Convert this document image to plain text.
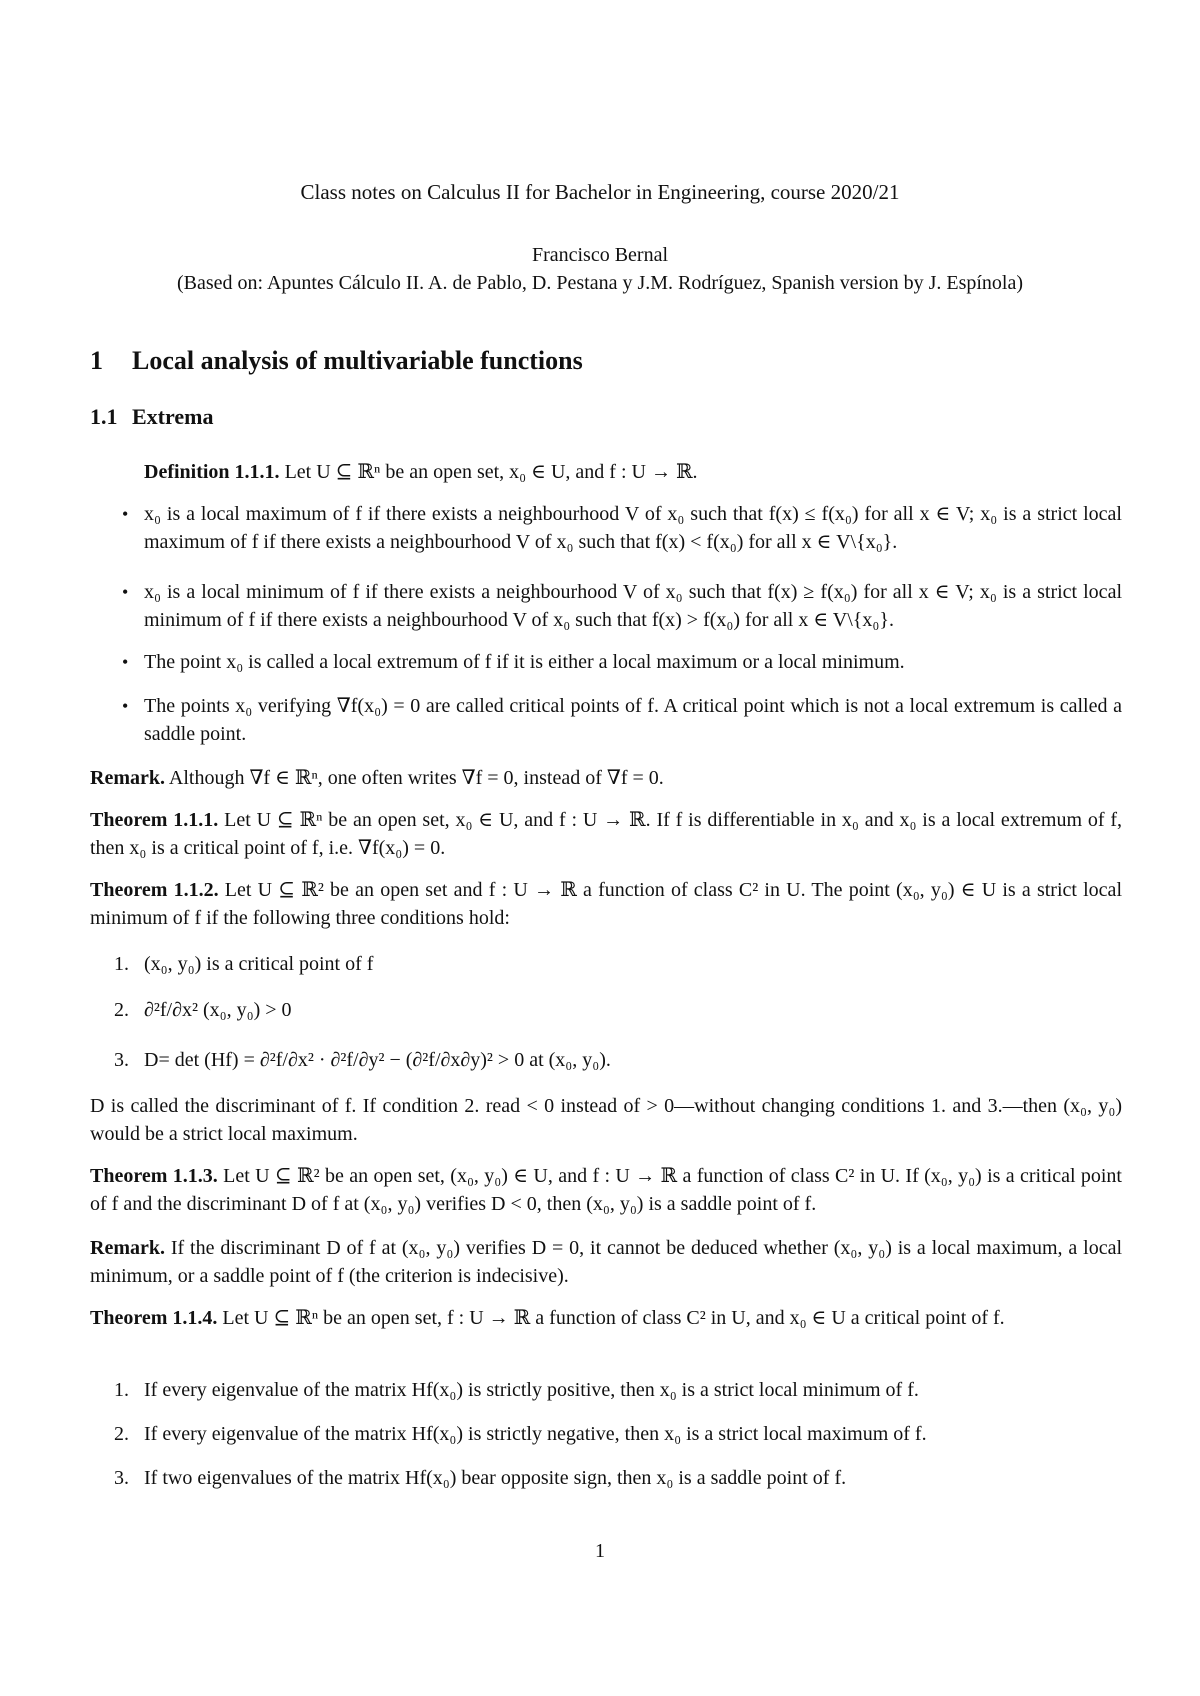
Class notes on Calculus II for Bachelor in Engineering, course 2020/21
Francisco Bernal
(Based on: Apuntes Cálculo II. A. de Pablo, D. Pestana y J.M. Rodríguez, Spanish version by J. Espínola)
1 Local analysis of multivariable functions
1.1 Extrema
Definition 1.1.1. Let U ⊆ ℝⁿ be an open set, x₀ ∈ U, and f : U → ℝ.
• x₀ is a local maximum of f if there exists a neighbourhood V of x₀ such that f(x) ≤ f(x₀) for all x ∈ V; x₀ is a strict local maximum of f if there exists a neighbourhood V of x₀ such that f(x) < f(x₀) for all x ∈ V\{x₀}.
• x₀ is a local minimum of f if there exists a neighbourhood V of x₀ such that f(x) ≥ f(x₀) for all x ∈ V; x₀ is a strict local minimum of f if there exists a neighbourhood V of x₀ such that f(x) > f(x₀) for all x ∈ V\{x₀}.
• The point x₀ is called a local extremum of f if it is either a local maximum or a local minimum.
• The points x₀ verifying ∇f(x₀) = 0 are called critical points of f. A critical point which is not a local extremum is called a saddle point.
Remark. Although ∇f ∈ ℝⁿ, one often writes ∇f = 0, instead of ∇f = 0.
Theorem 1.1.1. Let U ⊆ ℝⁿ be an open set, x₀ ∈ U, and f : U → ℝ. If f is differentiable in x₀ and x₀ is a local extremum of f, then x₀ is a critical point of f, i.e. ∇f(x₀) = 0.
Theorem 1.1.2. Let U ⊆ ℝ² be an open set and f : U → ℝ a function of class C² in U. The point (x₀, y₀) ∈ U is a strict local minimum of f if the following three conditions hold:
1. (x₀, y₀) is a critical point of f
2. ∂²f/∂x² (x₀, y₀) > 0
3. D= det (Hf) = ∂²f/∂x² · ∂²f/∂y² − (∂²f/∂x∂y)² > 0 at (x₀, y₀).
D is called the discriminant of f. If condition 2. read < 0 instead of > 0—without changing conditions 1. and 3.—then (x₀, y₀) would be a strict local maximum.
Theorem 1.1.3. Let U ⊆ ℝ² be an open set, (x₀, y₀) ∈ U, and f : U → ℝ a function of class C² in U. If (x₀, y₀) is a critical point of f and the discriminant D of f at (x₀, y₀) verifies D < 0, then (x₀, y₀) is a saddle point of f.
Remark. If the discriminant D of f at (x₀, y₀) verifies D = 0, it cannot be deduced whether (x₀, y₀) is a local maximum, a local minimum, or a saddle point of f (the criterion is indecisive).
Theorem 1.1.4. Let U ⊆ ℝⁿ be an open set, f : U → ℝ a function of class C² in U, and x₀ ∈ U a critical point of f.
1. If every eigenvalue of the matrix Hf(x₀) is strictly positive, then x₀ is a strict local minimum of f.
2. If every eigenvalue of the matrix Hf(x₀) is strictly negative, then x₀ is a strict local maximum of f.
3. If two eigenvalues of the matrix Hf(x₀) bear opposite sign, then x₀ is a saddle point of f.
1
